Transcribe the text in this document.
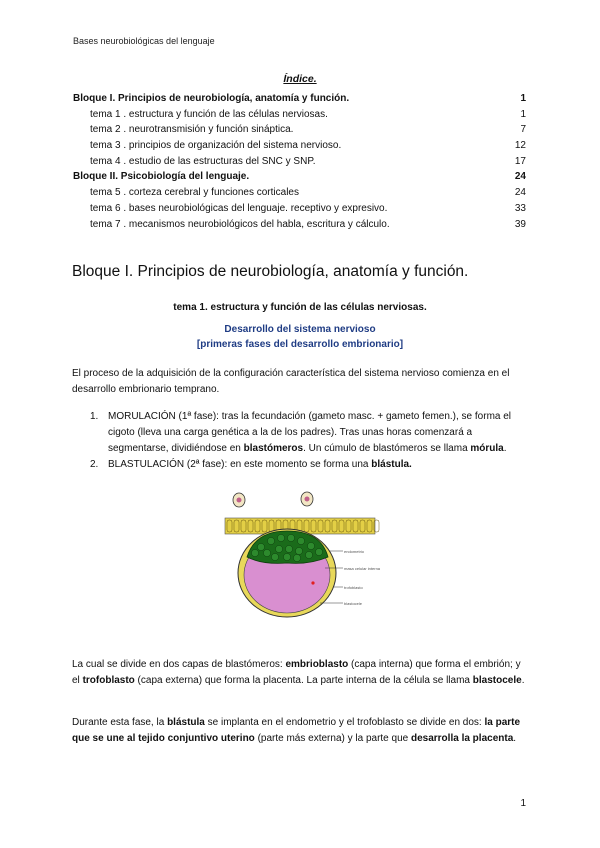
Bases neurobiológicas del lenguaje
Índice.
Bloque I. Principios de neurobiología, anatomía y función.	1
tema 1 . estructura y función de las células nerviosas.	1
tema 2 . neurotransmisión y función sináptica.	7
tema 3 . principios de organización del sistema nervioso.	12
tema 4 . estudio de las estructuras del SNC y SNP.	17
Bloque II. Psicobiología del lenguaje.	24
tema 5 . corteza cerebral y funciones corticales	24
tema 6 . bases neurobiológicas del lenguaje. receptivo y expresivo.	33
tema 7 . mecanismos neurobiológicos del habla, escritura y cálculo.	39
Bloque I. Principios de neurobiología, anatomía y función.
tema 1. estructura y función de las células nerviosas.
Desarrollo del sistema nervioso
[primeras fases del desarrollo embrionario]
El proceso de la adquisición de la configuración característica del sistema nervioso comienza en el desarrollo embrionario temprano.
1. MORULACIÓN (1ª fase): tras la fecundación (gameto masc. + gameto femen.), se forma el cigoto (lleva una carga genética a la de los padres). Tras unas horas comenzará a segmentarse, dividiéndose en blastómeros. Un cúmulo de blastómeros se llama mórula.
2. BLASTULACIÓN (2ª fase): en este momento se forma una blástula.
endometrio
masa celular interna
trofoblasto
blastocele
La cual se divide en dos capas de blastómeros: embrioblasto (capa interna) que forma el embrión; y el trofoblasto (capa externa) que forma la placenta. La parte interna de la célula se llama blastocele.
Durante esta fase, la blástula se implanta en el endometrio y el trofoblasto se divide en dos: la parte que se une al tejido conjuntivo uterino (parte más externa) y la parte que desarrolla la placenta.
1
